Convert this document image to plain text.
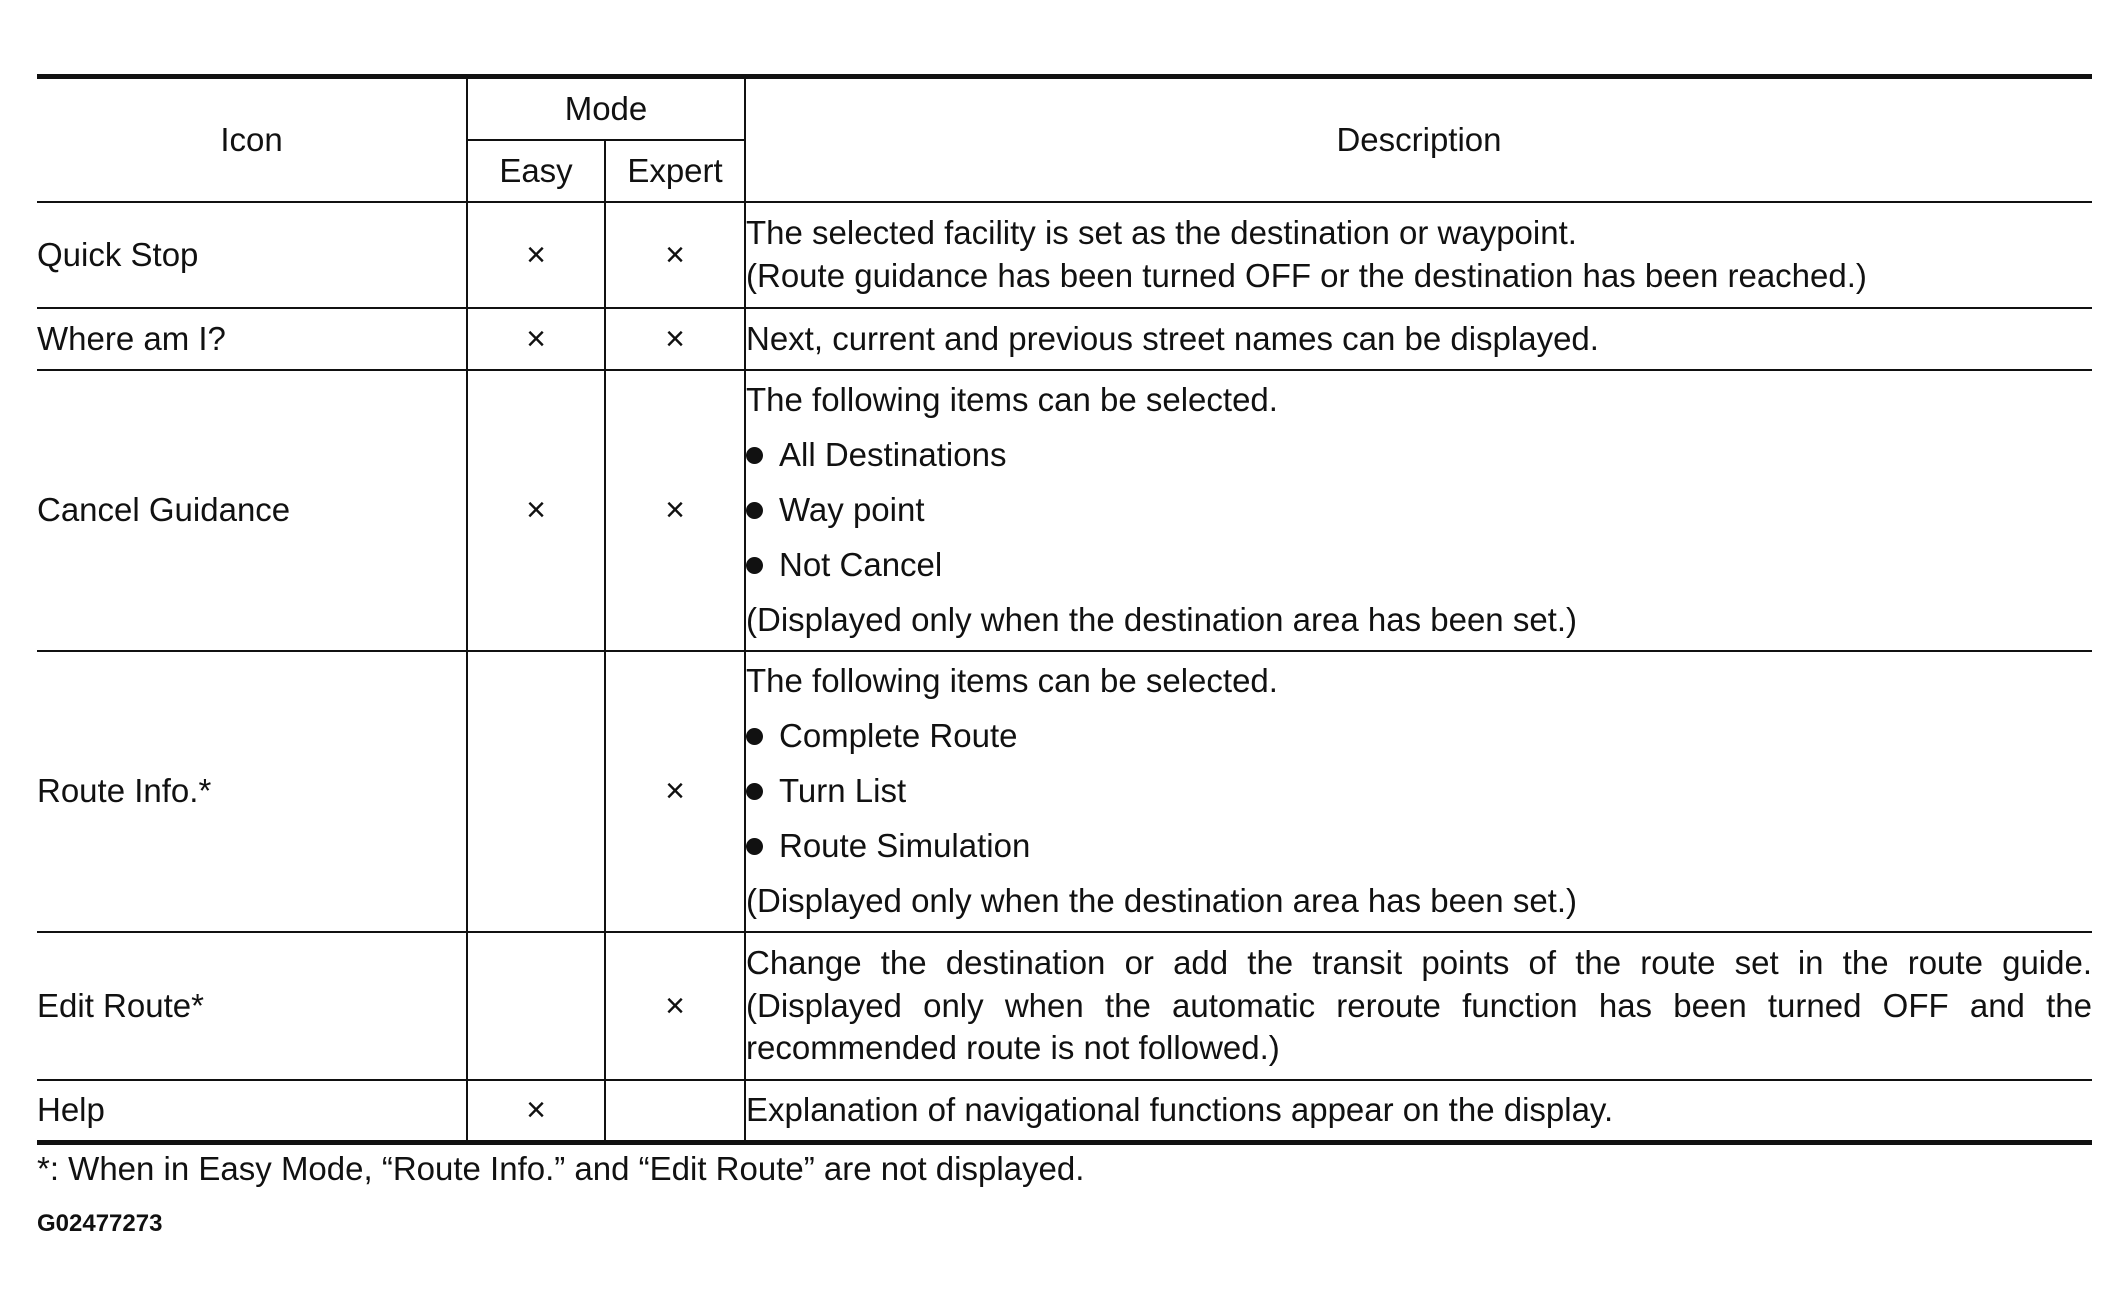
Icon	Mode		Description
	Easy	Expert	
Quick Stop	×	×	The selected facility is set as the destination or waypoint.
(Route guidance has been turned OFF or the destination has been reached.)

Where am I?	×	×	Next, current and previous street names can be displayed.

Cancel Guidance	×	×	The following items can be selected.
All Destinations
Way point
Not Cancel
(Displayed only when the destination area has been set.)

Route Info.*		×	The following items can be selected.
Complete Route
Turn List
Route Simulation
(Displayed only when the destination area has been set.)

Edit Route*		×	Change the destination or add the transit points of the route set in the route guide. (Displayed only when the automatic reroute function has been turned OFF and the recommended route is not followed.)
Help	×		Explanation of navigational functions appear on the display.
*: When in Easy Mode, “Route Info.” and “Edit Route” are not displayed.
G02477273
